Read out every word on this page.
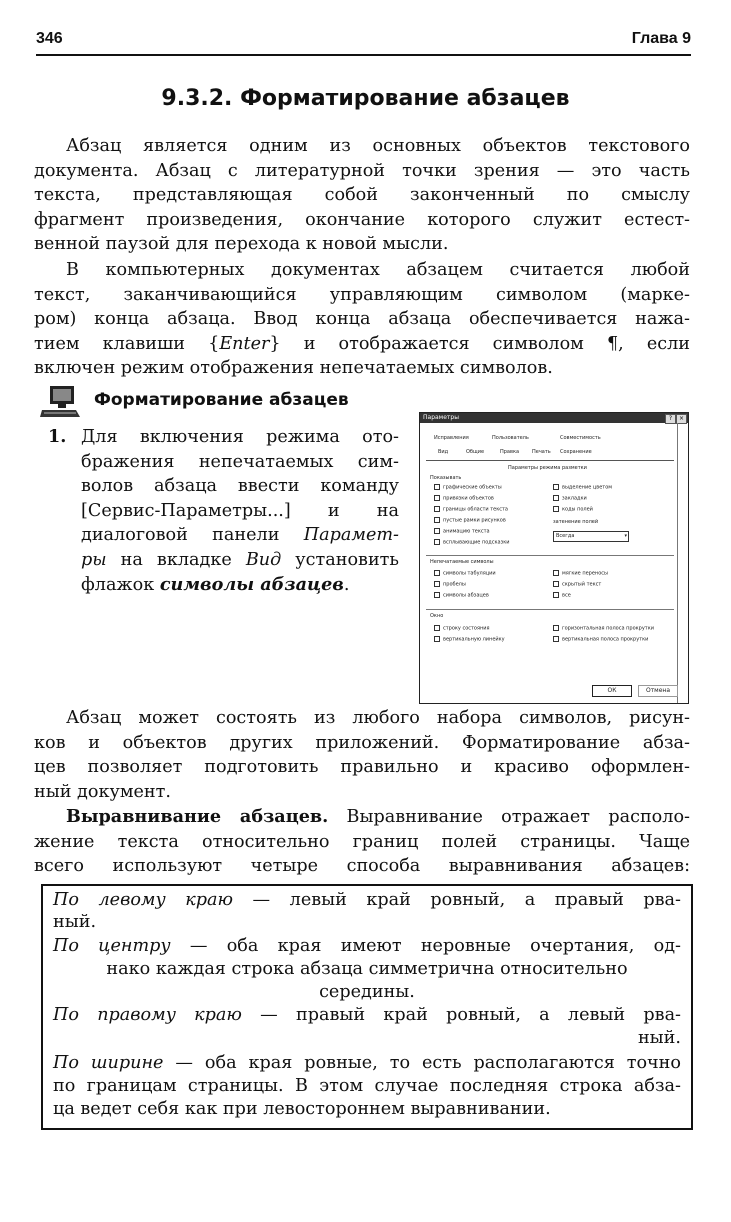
346	Глава 9
9.3.2. Форматирование абзацев
Абзац является одним из основных объектов текстового
документа. Абзац с литературной точки зрения — это часть
текста, представляющая собой законченный по смыслу
фрагмент произведения, окончание которого служит естест-
венной паузой для перехода к новой мысли.
В компьютерных документах абзацем считается любой
текст, заканчивающийся управляющим символом (марке-
ром) конца абзаца. Ввод конца абзаца обеспечивается нажа-
тием клавиши {Enter} и отображается символом ¶, если
включен режим отображения непечатаемых символов.
Форматирование абзацев
1. Для включения режима ото-
бражения непечатаемых сим-
волов абзаца ввести команду
[Сервис-Параметры...] и на
диалоговой панели Парамет-
ры на вкладке Вид установить
флажок символы абзацев.
Параметры	?	×
Исправления	Пользователь	Совместимость
Вид	Общие	Правка	Печать Сохранение
Параметры режима разметки
Показывать
графические объекты
привязки объектов
границы области текста
пустые рамки рисунков
анимацию текста
всплывающие подсказки
выделение цветом
закладки
коды полей
затенение полей
Всегда	▾
Непечатаемые символы
символы табуляции
пробелы
символы абзацев
мягкие переносы
скрытый текст
все
Окно
строку состояния
вертикальную линейку
горизонтальная полоса прокрутки
вертикальная полоса прокрутки
ОК	Отмена
Абзац может состоять из любого набора символов, рисун-
ков и объектов других приложений. Форматирование абза-
цев позволяет подготовить правильно и красиво оформлен-
ный документ.
Выравнивание абзацев. Выравнивание отражает располо-
жение текста относительно границ полей страницы. Чаще
всего используют четыре способа выравнивания абзацев:
По левому краю — левый край ровный, а правый рва-
ный.
По центру — оба края имеют неровные очертания, од-
нако каждая строка абзаца симметрична относительно
середины.
По правому краю — правый край ровный, а левый рва-
ный.
По ширине — оба края ровные, то есть располагаются точно
по границам страницы. В этом случае последняя строка абза-
ца ведет себя как при левостороннем выравнивании.
